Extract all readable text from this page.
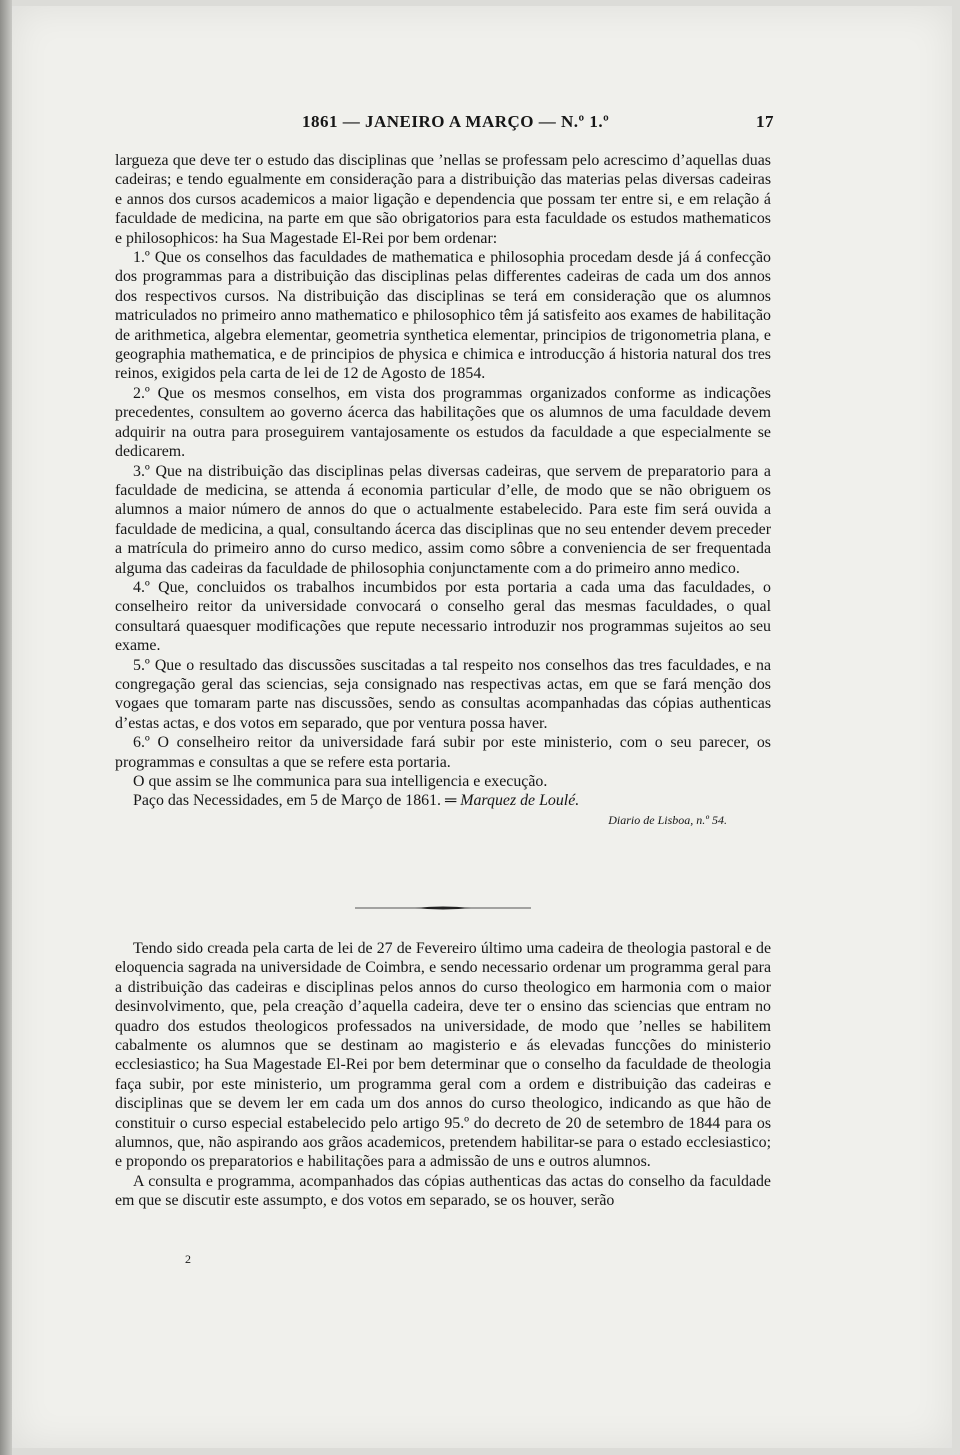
1861 — JANEIRO A MARÇO — N.º 1.º	17

largueza que deve ter o estudo das disciplinas que ’nellas se professam pelo acrescimo d’aquellas duas cadeiras; e tendo egualmente em consideração para a distribuição das materias pelas diversas cadeiras e annos dos cursos academicos a maior ligação e dependencia que possam ter entre si, e em relação á faculdade de medicina, na parte em que são obrigatorios para esta faculdade os estudos mathematicos e philosophicos: ha Sua Magestade El-Rei por bem ordenar:

1.º Que os conselhos das faculdades de mathematica e philosophia procedam desde já á confecção dos programmas para a distribuição das disciplinas pelas differentes cadeiras de cada um dos annos dos respectivos cursos. Na distribuição das disciplinas se terá em consideração que os alumnos matriculados no primeiro anno mathematico e philosophico têm já satisfeito aos exames de habilitação de arithmetica, algebra elementar, geometria synthetica elementar, principios de trigonometria plana, e geographia mathematica, e de principios de physica e chimica e introducção á historia natural dos tres reinos, exigidos pela carta de lei de 12 de Agosto de 1854.

2.º Que os mesmos conselhos, em vista dos programmas organizados conforme as indicações precedentes, consultem ao governo ácerca das habilitações que os alumnos de uma faculdade devem adquirir na outra para proseguirem vantajosamente os estudos da faculdade a que especialmente se dedicarem.

3.º Que na distribuição das disciplinas pelas diversas cadeiras, que servem de preparatorio para a faculdade de medicina, se attenda á economia particular d’elle, de modo que se não obriguem os alumnos a maior número de annos do que o actualmente estabelecido. Para este fim será ouvida a faculdade de medicina, a qual, consultando ácerca das disciplinas que no seu entender devem preceder a matrícula do primeiro anno do curso medico, assim como sôbre a conveniencia de ser frequentada alguma das cadeiras da faculdade de philosophia conjunctamente com a do primeiro anno medico.

4.º Que, concluidos os trabalhos incumbidos por esta portaria a cada uma das faculdades, o conselheiro reitor da universidade convocará o conselho geral das mesmas faculdades, o qual consultará quaesquer modificações que repute necessario introduzir nos programmas sujeitos ao seu exame.

5.º Que o resultado das discussões suscitadas a tal respeito nos conselhos das tres faculdades, e na congregação geral das sciencias, seja consignado nas respectivas actas, em que se fará menção dos vogaes que tomaram parte nas discussões, sendo as consultas acompanhadas das cópias authenticas d’estas actas, e dos votos em separado, que por ventura possa haver.

6.º O conselheiro reitor da universidade fará subir por este ministerio, com o seu parecer, os programmas e consultas a que se refere esta portaria.

O que assim se lhe communica para sua intelligencia e execução.

Paço das Necessidades, em 5 de Março de 1861. ═ Marquez de Loulé.
Diario de Lisboa, n.º 54.

Tendo sido creada pela carta de lei de 27 de Fevereiro último uma cadeira de theologia pastoral e de eloquencia sagrada na universidade de Coimbra, e sendo necessario ordenar um programma geral para a distribuição das cadeiras e disciplinas pelos annos do curso theologico em harmonia com o maior desinvolvimento, que, pela creação d’aquella cadeira, deve ter o ensino das sciencias que entram no quadro dos estudos theologicos professados na universidade, de modo que ’nelles se habilitem cabalmente os alumnos que se destinam ao magisterio e ás elevadas funcções do ministerio ecclesiastico; ha Sua Magestade El-Rei por bem determinar que o conselho da faculdade de theologia faça subir, por este ministerio, um programma geral com a ordem e distribuição das cadeiras e disciplinas que se devem ler em cada um dos annos do curso theologico, indicando as que hão de constituir o curso especial estabelecido pelo artigo 95.º do decreto de 20 de setembro de 1844 para os alumnos, que, não aspirando aos grãos academicos, pretendem habilitar-se para o estado ecclesiastico; e propondo os preparatorios e habilitações para a admissão de uns e outros alumnos.

A consulta e programma, acompanhados das cópias authenticas das actas do conselho da faculdade em que se discutir este assumpto, e dos votos em separado, se os houver, serão

2
